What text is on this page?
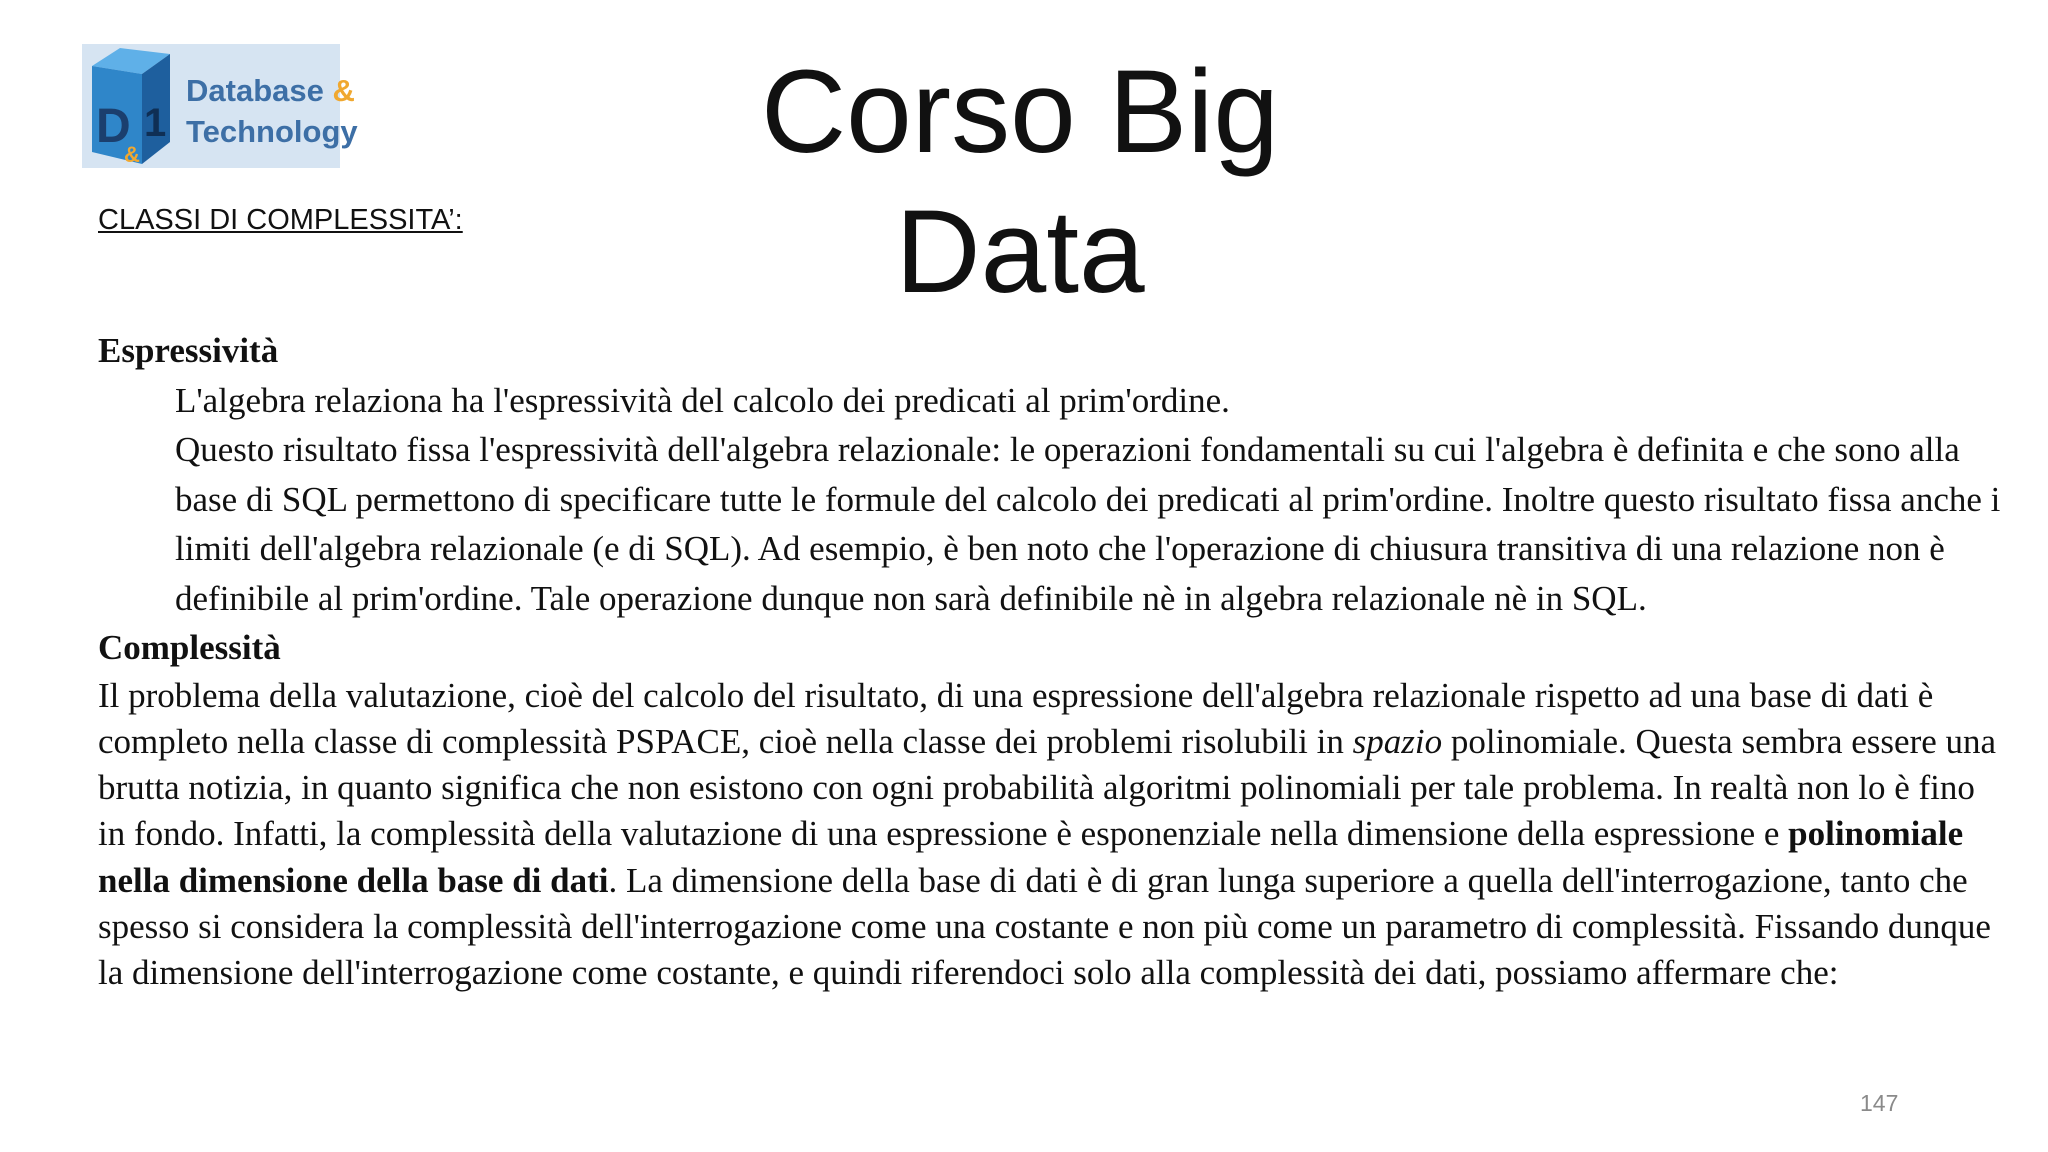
D 1
&
Database &
Technology	Corso Big Data
CLASSI DI COMPLESSITA’:
Espressività
L'algebra relaziona ha l'espressività del calcolo dei predicati al prim'ordine.
Questo risultato fissa l'espressività dell'algebra relazionale: le operazioni fondamentali su cui l'algebra è definita e che sono alla base di SQL permettono di specificare tutte le formule del calcolo dei predicati al prim'ordine. Inoltre questo risultato fissa anche i limiti dell'algebra relazionale (e di SQL). Ad esempio, è ben noto che l'operazione di chiusura transitiva di una relazione non è definibile al prim'ordine. Tale operazione dunque non sarà definibile nè in algebra relazionale nè in SQL.
Complessità
Il problema della valutazione, cioè del calcolo del risultato, di una espressione dell'algebra relazionale rispetto ad una base di dati è completo nella classe di complessità PSPACE, cioè nella classe dei problemi risolubili in spazio polinomiale. Questa sembra essere una brutta notizia, in quanto significa che non esistono con ogni probabilità algoritmi polinomiali per tale problema. In realtà non lo è fino in fondo. Infatti, la complessità della valutazione di una espressione è esponenziale nella dimensione della espressione e polinomiale nella dimensione della base di dati. La dimensione della base di dati è di gran lunga superiore a quella dell'interrogazione, tanto che spesso si considera la complessità dell'interrogazione come una costante e non più come un parametro di complessità. Fissando dunque la dimensione dell'interrogazione come costante, e quindi riferendoci solo alla complessità dei dati, possiamo affermare che:
147
